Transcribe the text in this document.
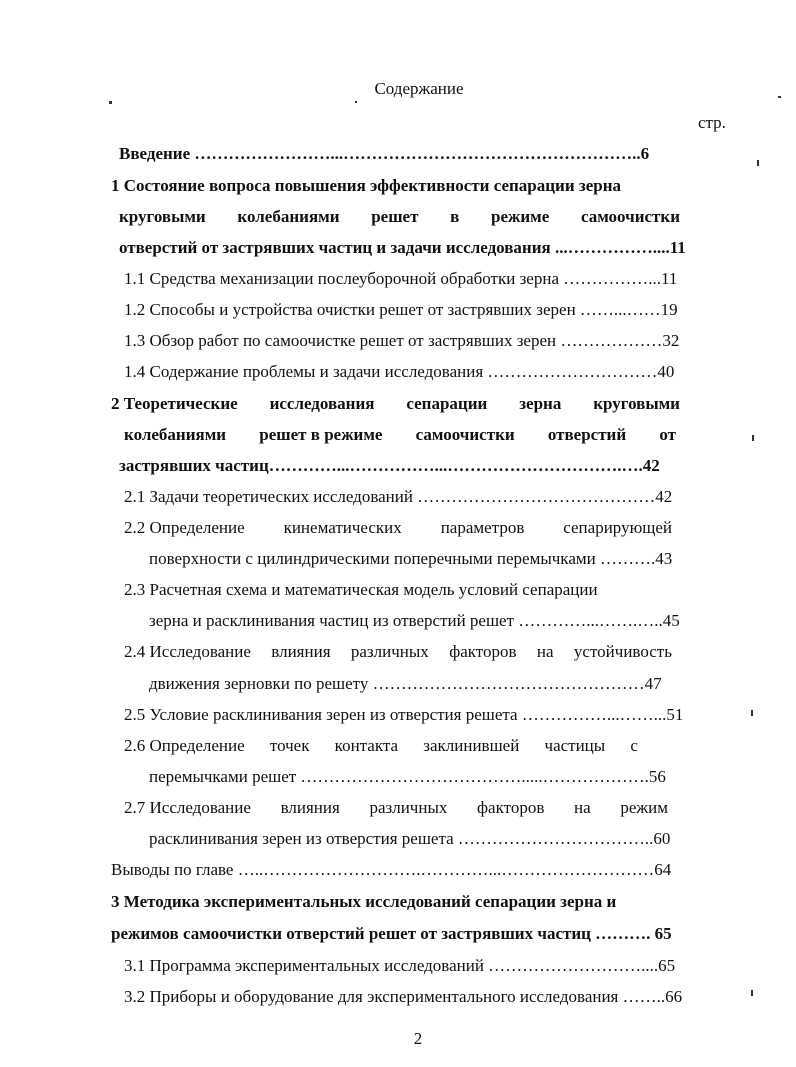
Содержание
стр.
Введение ……………………...……………………………………………..6
1 Состояние вопроса повышения эффективности сепарации зерна
круговыми колебаниями решет в режиме самоочистки
отверстий от застрявших частиц и задачи исследования ...……………....11
1.1 Средства механизации послеуборочной обработки зерна ……………...11
1.2 Способы и устройства очистки решет от застрявших зерен ……...……19
1.3 Обзор работ по самоочистке решет от застрявших зерен ………………32
1.4 Содержание проблемы и задачи исследования …………………………40
2 Теоретические исследования сепарации зерна круговыми
колебаниями решет в режиме самоочистки отверстий от
застрявших частиц…………...……………...………………………….….42
2.1 Задачи теоретических исследований ……………………………………42
2.2 Определение кинематических параметров сепарирующей
поверхности с цилиндрическими поперечными перемычками ……….43
2.3 Расчетная схема и математическая модель условий сепарации
зерна и расклинивания частиц из отверстий решет …………...…….…..45
2.4 Исследование влияния различных факторов на устойчивость
движения зерновки по решету …………………………………………47
2.5 Условие расклинивания зерен из отверстия решета ……………...……...51
2.6 Определение точек контакта заклинившей частицы с
перемычками решет ………………………………….....……………….56
2.7 Исследование влияния различных факторов на режим
расклинивания зерен из отверстия решета ……………………………..60
Выводы по главе …..……………………….…………...………………………64
3 Методика экспериментальных исследований сепарации зерна и
режимов самоочистки отверстий решет от застрявших частиц ………. 65
3.1 Программа экспериментальных исследований ………………………....65
3.2 Приборы и оборудование для экспериментального исследования ……..66
2
